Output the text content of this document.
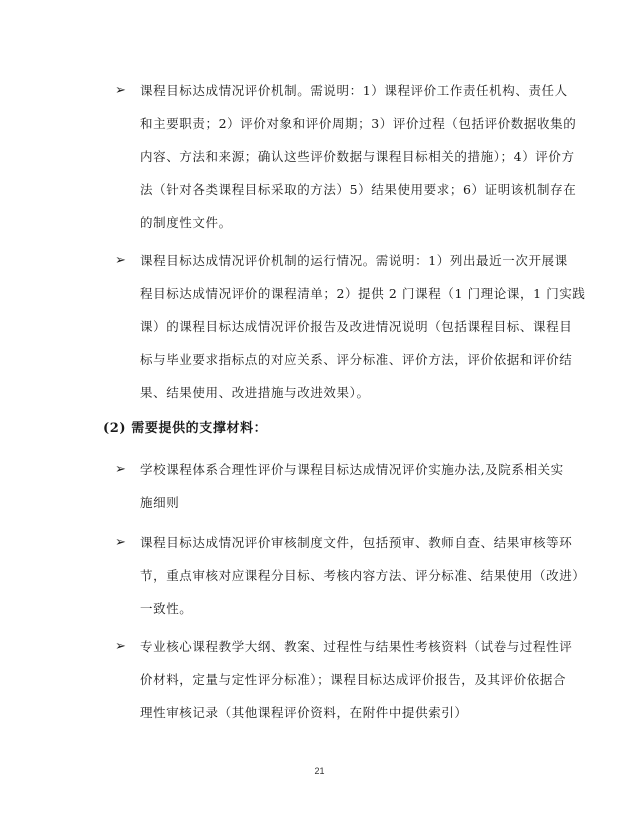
➢	课程目标达成情况评价机制。需说明：1）课程评价工作责任机构、责任人
和主要职责；2）评价对象和评价周期；3）评价过程（包括评价数据收集的
内容、方法和来源；确认这些评价数据与课程目标相关的措施）；4）评价方
法（针对各类课程目标采取的方法）5）结果使用要求；6）证明该机制存在
的制度性文件。
➢	课程目标达成情况评价机制的运行情况。需说明：1）列出最近一次开展课
程目标达成情况评价的课程清单；2）提供 2 门课程（1 门理论课，1 门实践
课）的课程目标达成情况评价报告及改进情况说明（包括课程目标、课程目
标与毕业要求指标点的对应关系、评分标准、评价方法，评价依据和评价结
果、结果使用、改进措施与改进效果）。
(2) 需要提供的支撑材料：
➢	学校课程体系合理性评价与课程目标达成情况评价实施办法,及院系相关实
施细则
➢	课程目标达成情况评价审核制度文件，包括预审、教师自查、结果审核等环
节，重点审核对应课程分目标、考核内容方法、评分标准、结果使用（改进）
一致性。
➢	专业核心课程教学大纲、教案、过程性与结果性考核资料（试卷与过程性评
价材料，定量与定性评分标准）；课程目标达成评价报告，及其评价依据合
理性审核记录（其他课程评价资料，在附件中提供索引）
21
